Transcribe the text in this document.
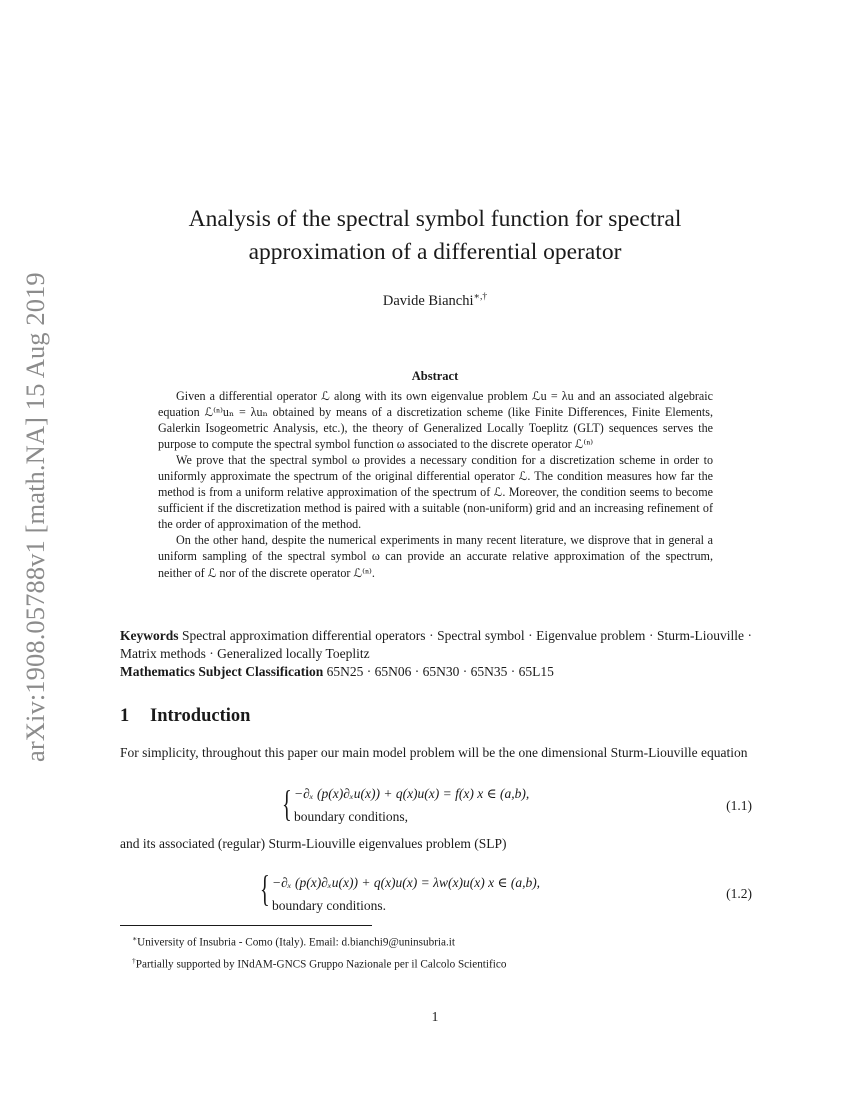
arXiv:1908.05788v1 [math.NA] 15 Aug 2019
Analysis of the spectral symbol function for spectral
approximation of a differential operator
Davide Bianchi∗,†
Abstract

Given a differential operator ℒ along with its own eigenvalue problem ℒu = λu and an associated algebraic equation ℒ⁽ⁿ⁾uₙ = λuₙ obtained by means of a discretization scheme (like Finite Differences, Finite Elements, Galerkin Isogeometric Analysis, etc.), the theory of Generalized Locally Toeplitz (GLT) sequences serves the purpose to compute the spectral symbol function ω associated to the discrete operator ℒ⁽ⁿ⁾

We prove that the spectral symbol ω provides a necessary condition for a discretization scheme in order to uniformly approximate the spectrum of the original differential operator ℒ. The condition measures how far the method is from a uniform relative approximation of the spectrum of ℒ. Moreover, the condition seems to become sufficient if the discretization method is paired with a suitable (non-uniform) grid and an increasing refinement of the order of approximation of the method.

On the other hand, despite the numerical experiments in many recent literature, we disprove that in general a uniform sampling of the spectral symbol ω can provide an accurate relative approximation of the spectrum, neither of ℒ nor of the discrete operator ℒ⁽ⁿ⁾.

Keywords Spectral approximation differential operators · Spectral symbol · Eigenvalue problem · Sturm-Liouville · Matrix methods · Generalized locally Toeplitz

Mathematics Subject Classification 65N25 · 65N06 · 65N30 · 65N35 · 65L15

1 Introduction

For simplicity, throughout this paper our main model problem will be the one dimensional Sturm-Liouville equation

{ −∂ₓ (p(x)∂ₓu(x)) + q(x)u(x) = f(x) x ∈ (a,b),
boundary conditions,
(1.1)
and its associated (regular) Sturm-Liouville eigenvalues problem (SLP)
{ −∂ₓ (p(x)∂ₓu(x)) + q(x)u(x) = λw(x)u(x) x ∈ (a,b),
boundary conditions.
(1.2)
∗University of Insubria - Como (Italy). Email: d.bianchi9@uninsubria.it
†Partially supported by INdAM-GNCS Gruppo Nazionale per il Calcolo Scientifico
1
